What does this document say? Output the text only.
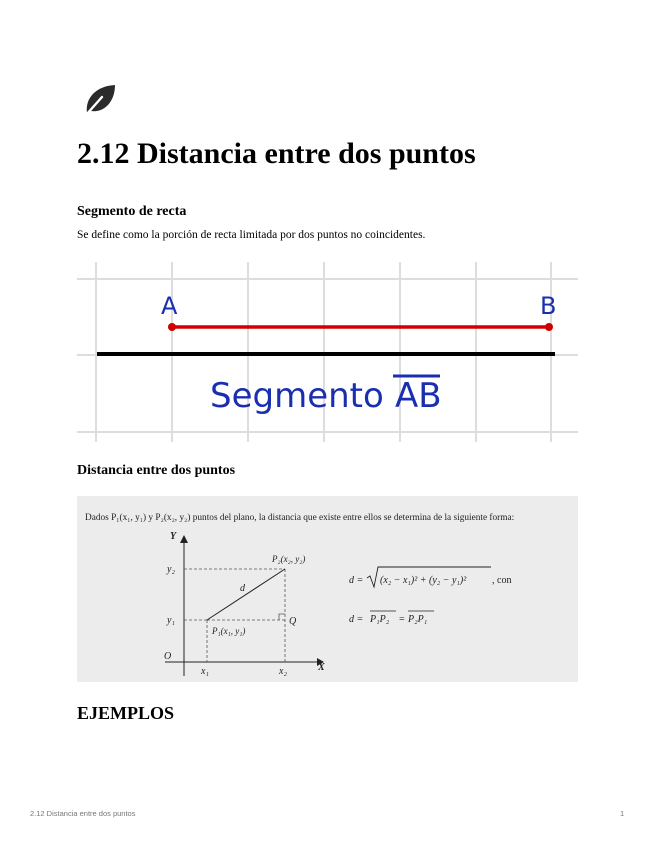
2.12 Distancia entre dos puntos
Segmento de recta

Se define como la porción de recta limitada por dos puntos no coincidentes.

A	B
Segmento AB
Distancia entre dos puntos
Dados P₁(x₁, y₁) y P₂(x₂, y₂) puntos del plano, la distancia que existe entre ellos se determina de la siguiente forma:
Y
X
O
y₂
y₁
x₁	x₂
P₂(x₂, y₂)
P₁(x₁, y₁)
d
Q
d = (x₂ − x₁)² + (y₂ − y₁)²	, con
d = P₁P₂ = P₂P₁
EJEMPLOS
2.12 Distancia entre dos puntos	1
